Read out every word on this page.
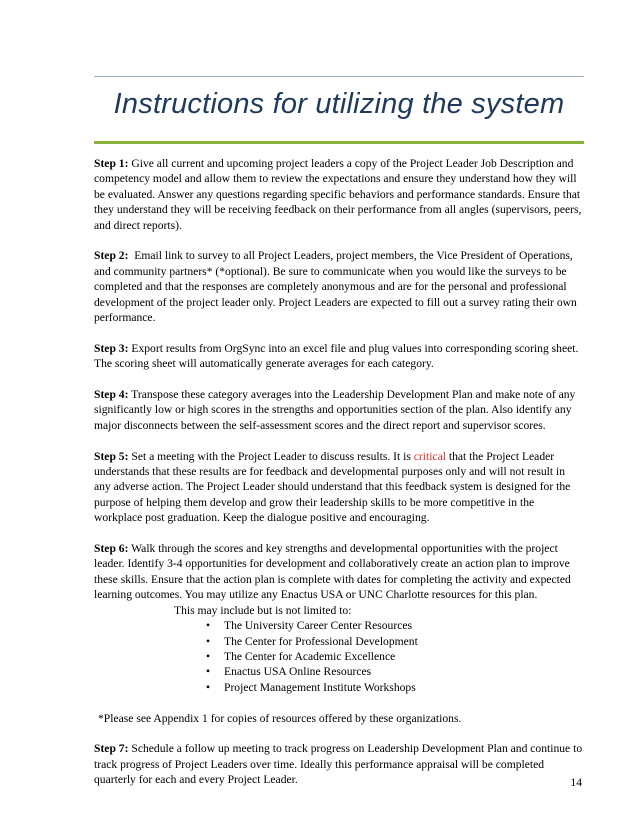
Instructions for utilizing the system

Step 1: Give all current and upcoming project leaders a copy of the Project Leader Job Description and competency model and allow them to review the expectations and ensure they understand how they will be evaluated. Answer any questions regarding specific behaviors and performance standards. Ensure that they understand they will be receiving feedback on their performance from all angles (supervisors, peers, and direct reports).

Step 2: Email link to survey to all Project Leaders, project members, the Vice President of Operations, and community partners* (*optional). Be sure to communicate when you would like the surveys to be completed and that the responses are completely anonymous and are for the personal and professional development of the project leader only. Project Leaders are expected to fill out a survey rating their own performance.

Step 3: Export results from OrgSync into an excel file and plug values into corresponding scoring sheet. The scoring sheet will automatically generate averages for each category.

Step 4: Transpose these category averages into the Leadership Development Plan and make note of any significantly low or high scores in the strengths and opportunities section of the plan. Also identify any major disconnects between the self-assessment scores and the direct report and supervisor scores.

Step 5: Set a meeting with the Project Leader to discuss results. It is critical that the Project Leader understands that these results are for feedback and developmental purposes only and will not result in any adverse action. The Project Leader should understand that this feedback system is designed for the purpose of helping them develop and grow their leadership skills to be more competitive in the workplace post graduation. Keep the dialogue positive and encouraging.

Step 6: Walk through the scores and key strengths and developmental opportunities with the project leader. Identify 3-4 opportunities for development and collaboratively create an action plan to improve these skills. Ensure that the action plan is complete with dates for completing the activity and expected learning outcomes. You may utilize any Enactus USA or UNC Charlotte resources for this plan.

This may include but is not limited to:

• The University Career Center Resources
• The Center for Professional Development
• The Center for Academic Excellence
• Enactus USA Online Resources
• Project Management Institute Workshops

*Please see Appendix 1 for copies of resources offered by these organizations.

Step 7: Schedule a follow up meeting to track progress on Leadership Development Plan and continue to track progress of Project Leaders over time. Ideally this performance appraisal will be completed quarterly for each and every Project Leader.	14
